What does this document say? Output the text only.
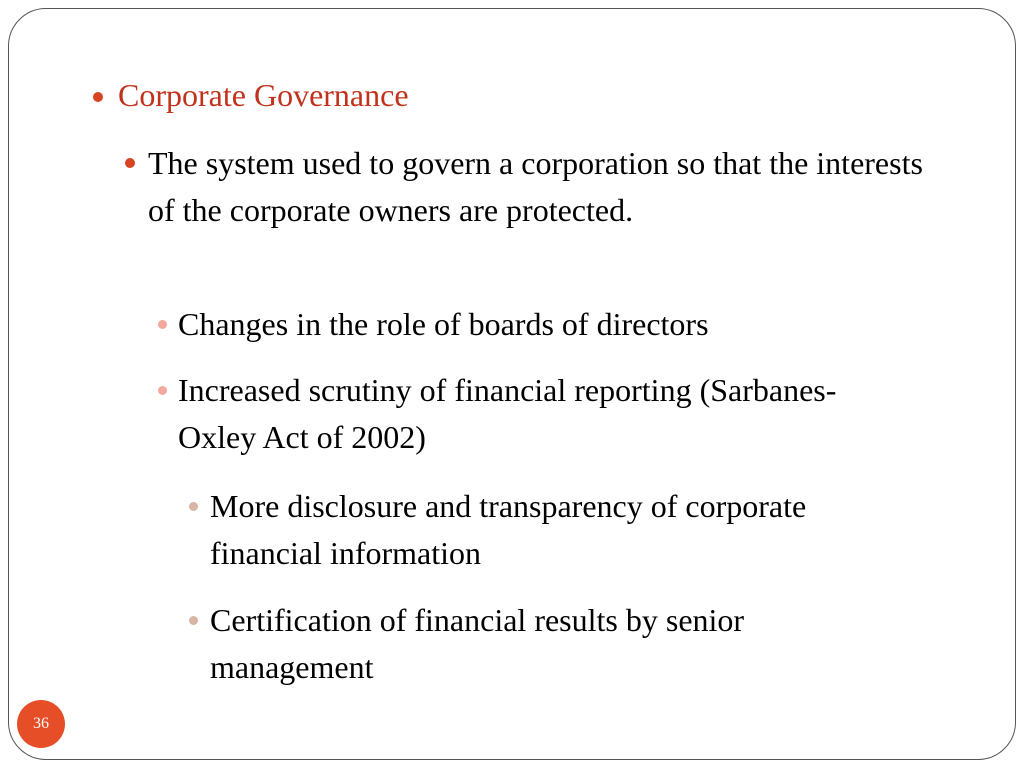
Corporate Governance
The system used to govern a corporation so that the interests of the corporate owners are protected.
Changes in the role of boards of directors
Increased scrutiny of financial reporting (Sarbanes-Oxley Act of 2002)
More disclosure and transparency of corporate financial information
Certification of financial results by senior management
36
